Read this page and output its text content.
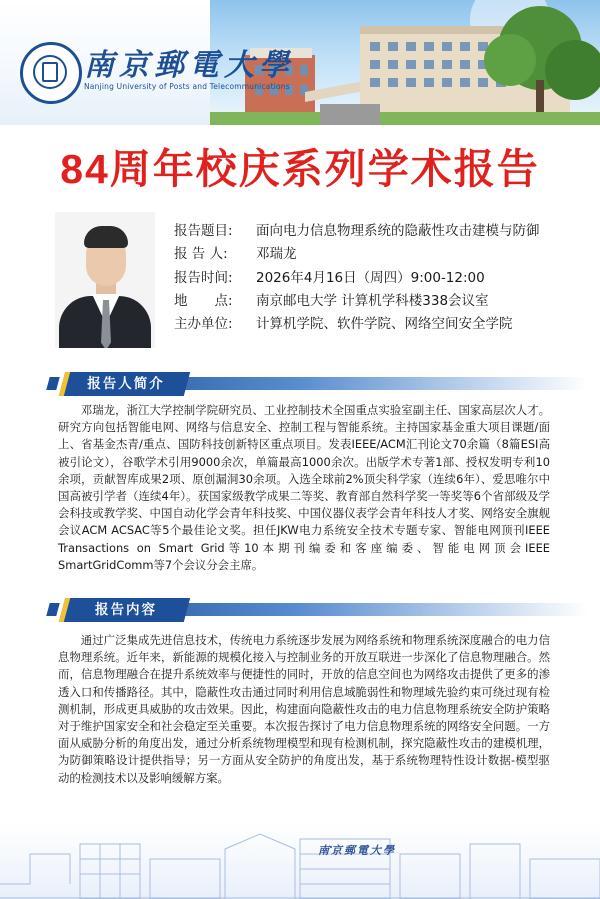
南京郵電大學
Nanjing University of Posts and Telecommunications
84周年校庆系列学术报告
报告题目: 面向电力信息物理系统的隐蔽性攻击建模与防御
报 告 人: 邓瑞龙
报告时间: 2026年4月16日（周四）9:00-12:00
地　　点: 南京邮电大学 计算机学科楼338会议室
主办单位: 计算机学院、软件学院、网络空间安全学院
报告人简介
邓瑞龙，浙江大学控制学院研究员、工业控制技术全国重点实验室副主任、国家高层次人才。研究方向包括智能电网、网络与信息安全、控制工程与智能系统。主持国家基金重大项目课题/面上、省基金杰青/重点、国防科技创新特区重点项目。发表IEEE/ACM汇刊论文70余篇（8篇ESI高被引论文），谷歌学术引用9000余次，单篇最高1000余次。出版学术专著1部、授权发明专利10余项，贡献智库成果2项、原创漏洞30余项。入选全球前2%顶尖科学家（连续6年）、爱思唯尔中国高被引学者（连续4年）。获国家级教学成果二等奖、教育部自然科学奖一等奖等6个省部级及学会科技或教学奖、中国自动化学会青年科技奖、中国仪器仪表学会青年科技人才奖、网络安全旗舰会议ACM ACSAC等5个最佳论文奖。担任JKW电力系统安全技术专题专家、智能电网顶刊IEEE Transactions on Smart Grid等10本期刊编委和客座编委、智能电网顶会IEEE SmartGridComm等7个会议分会主席。
报告内容
通过广泛集成先进信息技术，传统电力系统逐步发展为网络系统和物理系统深度融合的电力信息物理系统。近年来，新能源的规模化接入与控制业务的开放互联进一步深化了信息物理融合。然而，信息物理融合在提升系统效率与便捷性的同时，开放的信息空间也为网络攻击提供了更多的渗透入口和传播路径。其中，隐蔽性攻击通过同时利用信息域脆弱性和物理域先验约束可绕过现有检测机制，形成更具威胁的攻击效果。因此，构建面向隐蔽性攻击的电力信息物理系统安全防护策略对于维护国家安全和社会稳定至关重要。本次报告探讨了电力信息物理系统的网络安全问题。一方面从威胁分析的角度出发，通过分析系统物理模型和现有检测机制，探究隐蔽性攻击的建模机理，为防御策略设计提供指导；另一方面从安全防护的角度出发，基于系统物理特性设计数据-模型驱动的检测技术以及影响缓解方案。
南京郵電大學
